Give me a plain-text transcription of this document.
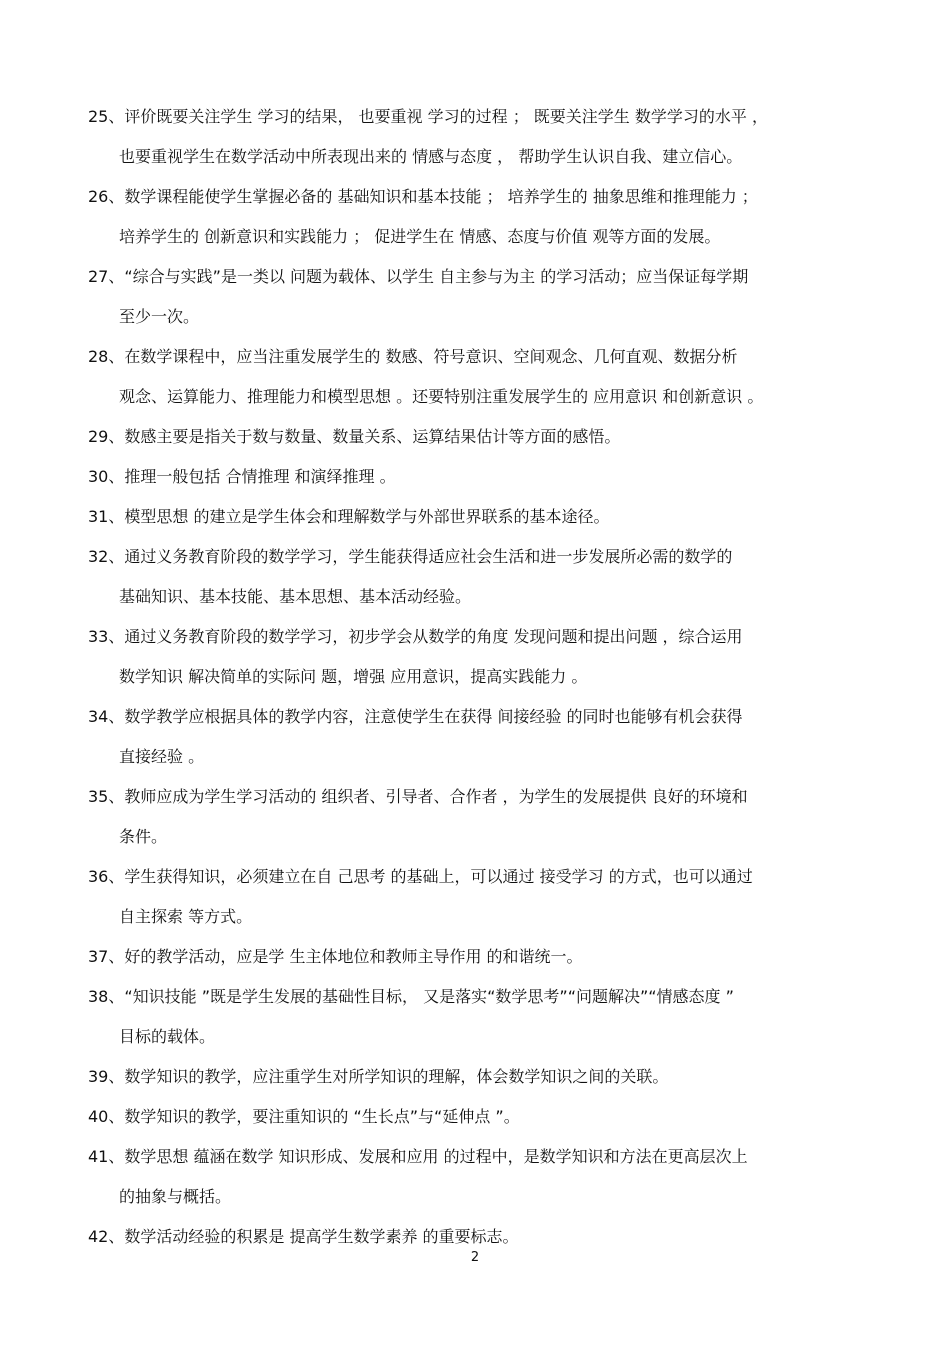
25、评价既要关注学生 学习的结果， 也要重视 学习的过程 ； 既要关注学生 数学学习的水平 ，
也要重视学生在数学活动中所表现出来的 情感与态度 ， 帮助学生认识自我、建立信心。
26、数学课程能使学生掌握必备的 基础知识和基本技能 ； 培养学生的 抽象思维和推理能力 ；
培养学生的 创新意识和实践能力 ； 促进学生在 情感、态度与价值 观等方面的发展。
27、“综合与实践”是一类以 问题为载体、以学生 自主参与为主 的学习活动；应当保证每学期
至少一次。
28、在数学课程中，应当注重发展学生的 数感、符号意识、空间观念、几何直观、数据分析
观念、运算能力、推理能力和模型思想 。还要特别注重发展学生的 应用意识 和创新意识 。
29、数感主要是指关于数与数量、数量关系、运算结果估计等方面的感悟。
30、推理一般包括 合情推理 和演绎推理 。
31、模型思想 的建立是学生体会和理解数学与外部世界联系的基本途径。
32、通过义务教育阶段的数学学习，学生能获得适应社会生活和进一步发展所必需的数学的
基础知识、基本技能、基本思想、基本活动经验。
33、通过义务教育阶段的数学学习，初步学会从数学的角度 发现问题和提出问题 ，综合运用
数学知识 解决简单的实际问 题，增强 应用意识，提高实践能力 。
34、数学教学应根据具体的教学内容，注意使学生在获得 间接经验 的同时也能够有机会获得
直接经验 。
35、教师应成为学生学习活动的 组织者、引导者、合作者 ，为学生的发展提供 良好的环境和
条件。
36、学生获得知识，必须建立在自 己思考 的基础上，可以通过 接受学习 的方式，也可以通过
自主探索 等方式。
37、好的教学活动，应是学 生主体地位和教师主导作用 的和谐统一。
38、“知识技能 ”既是学生发展的基础性目标， 又是落实“数学思考”“问题解决”“情感态度 ”
目标的载体。
39、数学知识的教学，应注重学生对所学知识的理解，体会数学知识之间的关联。
40、数学知识的教学，要注重知识的 “生长点”与“延伸点 ”。
41、数学思想 蕴涵在数学 知识形成、发展和应用 的过程中，是数学知识和方法在更高层次上
的抽象与概括。
42、数学活动经验的积累是 提高学生数学素养 的重要标志。
2
